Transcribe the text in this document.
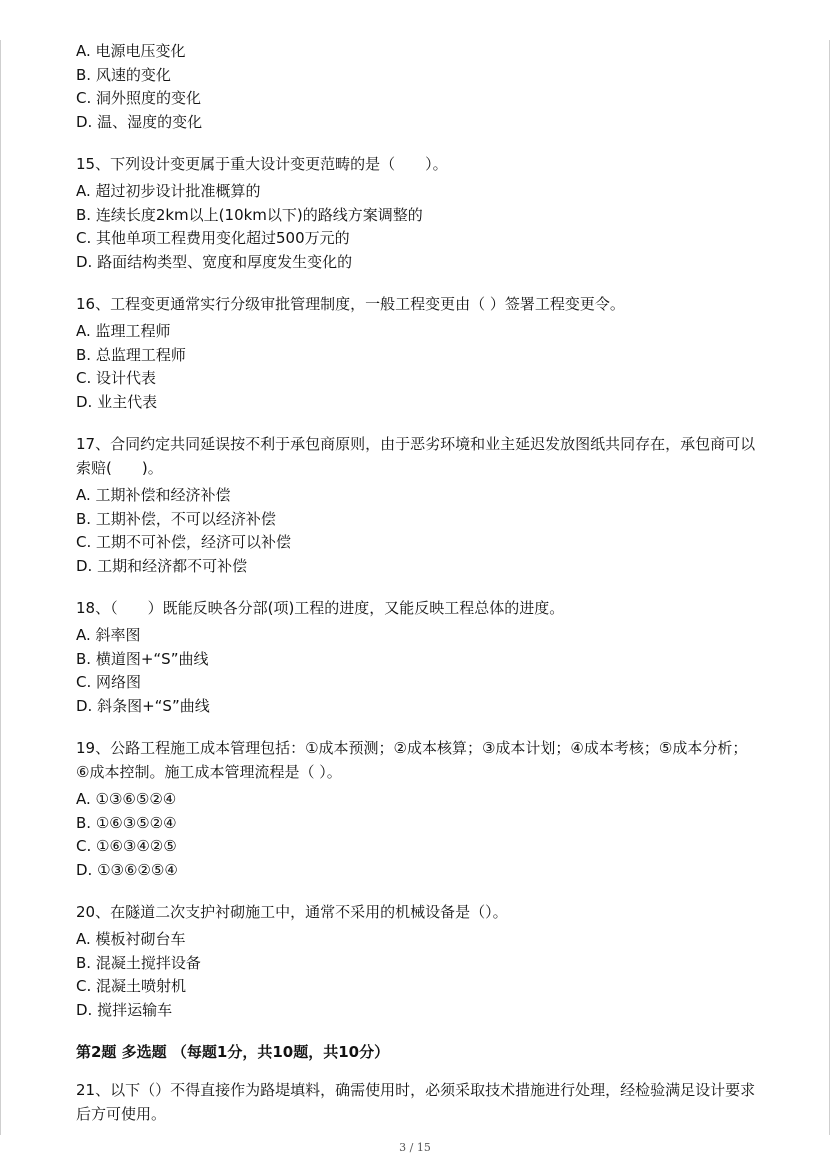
A. 电源电压变化
B. 风速的变化
C. 洞外照度的变化
D. 温、湿度的变化
15、下列设计变更属于重大设计变更范畴的是（　　）。
A. 超过初步设计批准概算的
B. 连续长度2km以上(10km以下)的路线方案调整的
C. 其他单项工程费用变化超过500万元的
D. 路面结构类型、宽度和厚度发生变化的
16、工程变更通常实行分级审批管理制度，一般工程变更由（ ）签署工程变更令。
A. 监理工程师
B. 总监理工程师
C. 设计代表
D. 业主代表
17、合同约定共同延误按不利于承包商原则，由于恶劣环境和业主延迟发放图纸共同存在，承包商可以索赔(　　)。
A. 工期补偿和经济补偿
B. 工期补偿，不可以经济补偿
C. 工期不可补偿，经济可以补偿
D. 工期和经济都不可补偿
18、（　　）既能反映各分部(项)工程的进度，又能反映工程总体的进度。
A. 斜率图
B. 横道图+“S”曲线
C. 网络图
D. 斜条图+“S”曲线
19、公路工程施工成本管理包括：①成本预测；②成本核算；③成本计划；④成本考核；⑤成本分析；⑥成本控制。施工成本管理流程是（ ）。
A. ①③⑥⑤②④
B. ①⑥③⑤②④
C. ①⑥③④②⑤
D. ①③⑥②⑤④
20、在隧道二次支护衬砌施工中，通常不采用的机械设备是（）。
A. 模板衬砌台车
B. 混凝土搅拌设备
C. 混凝土喷射机
D. 搅拌运输车
第2题 多选题 （每题1分，共10题，共10分）
21、以下（）不得直接作为路堤填料，确需使用时，必须采取技术措施进行处理，经检验满足设计要求后方可使用。
3 / 15
